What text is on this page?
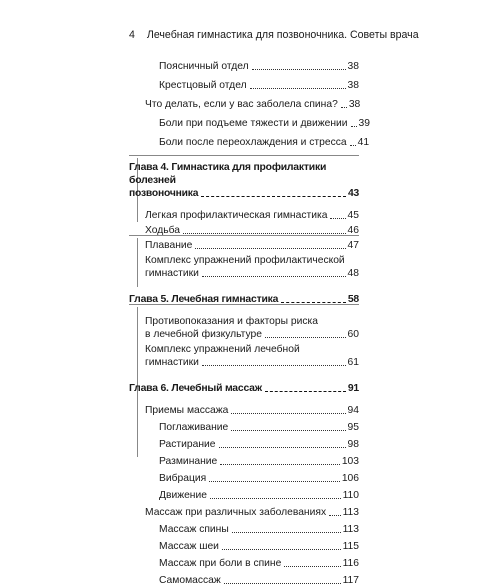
4 Лечебная гимнастика для позвоночника. Советы врача
Поясничный отдел	38
Крестцовый отдел	38
Что делать, если у вас заболела спина? 38
Боли при подъеме тяжести и движении 39
Боли после переохлаждения и стресса 41
Глава 4. Гимнастика для профилактики болезней
позвоночника	43
Легкая профилактическая гимнастика 45
Ходьба	46
Плавание	47
Комплекс упражнений профилактической
гимнастики	48
Глава 5. Лечебная гимнастика	58
Противопоказания и факторы риска
в лечебной физкультуре	60
Комплекс упражнений лечебной
гимнастики	61
Глава 6. Лечебный массаж	91
Приемы массажа	94
Поглаживание	95
Растирание	98
Разминание	103
Вибрация	106
Движение	110
Массаж при различных заболеваниях 113
Массаж спины	113
Массаж шеи	115
Массаж при боли в спине	116
Самомассаж	117
